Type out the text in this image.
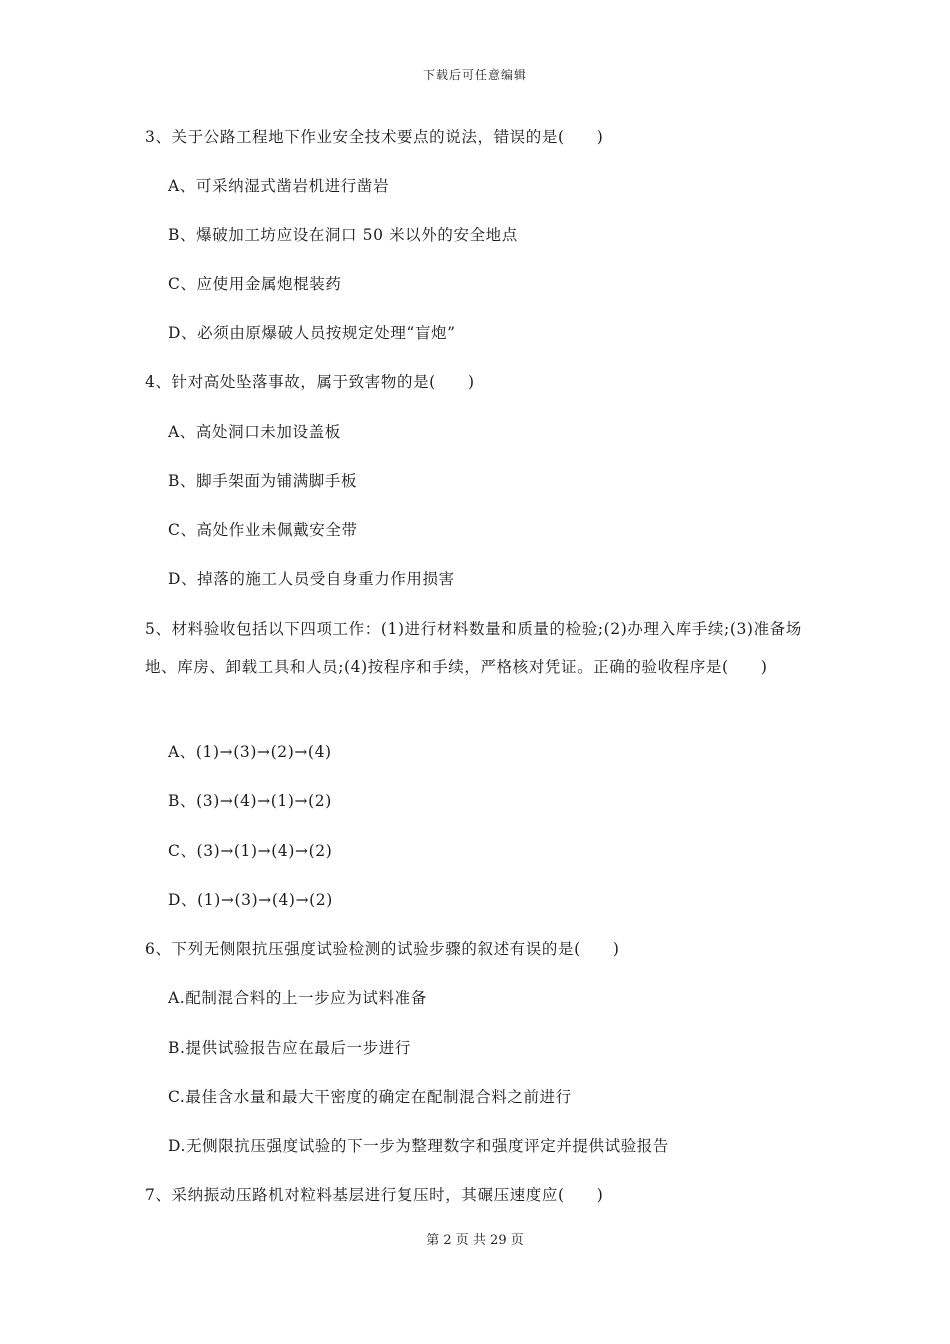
下载后可任意编辑
3、关于公路工程地下作业安全技术要点的说法，错误的是(　　)
A、可采纳湿式凿岩机进行凿岩
B、爆破加工坊应设在洞口 50 米以外的安全地点
C、应使用金属炮棍装药
D、必须由原爆破人员按规定处理“盲炮”
4、针对高处坠落事故，属于致害物的是(　　)
A、高处洞口未加设盖板
B、脚手架面为铺满脚手板
C、高处作业未佩戴安全带
D、掉落的施工人员受自身重力作用损害
5、材料验收包括以下四项工作：(1)进行材料数量和质量的检验;(2)办理入库手续;(3)准备场地、库房、卸载工具和人员;(4)按程序和手续，严格核对凭证。正确的验收程序是(　　)
A、(1)→(3)→(2)→(4)
B、(3)→(4)→(1)→(2)
C、(3)→(1)→(4)→(2)
D、(1)→(3)→(4)→(2)
6、下列无侧限抗压强度试验检测的试验步骤的叙述有误的是(　　)
A.配制混合料的上一步应为试料准备
B.提供试验报告应在最后一步进行
C.最佳含水量和最大干密度的确定在配制混合料之前进行
D.无侧限抗压强度试验的下一步为整理数字和强度评定并提供试验报告
7、采纳振动压路机对粒料基层进行复压时，其碾压速度应(　　)
第 2 页 共 29 页
